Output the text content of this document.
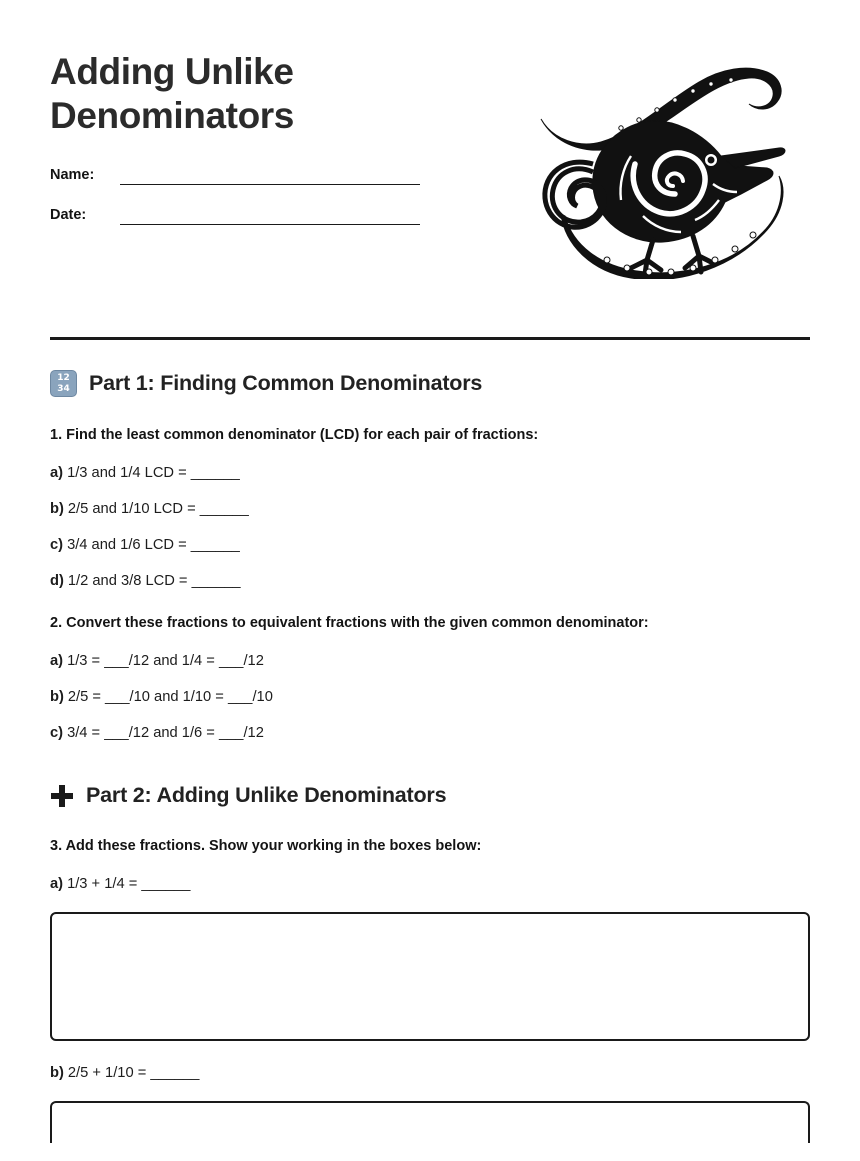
Adding Unlike Denominators
Name:
Date:
12
34 Part 1: Finding Common Denominators

1. Find the least common denominator (LCD) for each pair of fractions:

a) 1/3 and 1/4 LCD = ______

b) 2/5 and 1/10 LCD = ______

c) 3/4 and 1/6 LCD = ______

d) 1/2 and 3/8 LCD = ______

2. Convert these fractions to equivalent fractions with the given common denominator:

a) 1/3 = ___/12 and 1/4 = ___/12

b) 2/5 = ___/10 and 1/10 = ___/10

c) 3/4 = ___/12 and 1/6 = ___/12

Part 2: Adding Unlike Denominators

3. Add these fractions. Show your working in the boxes below:

a) 1/3 + 1/4 = ______

b) 2/5 + 1/10 = ______
